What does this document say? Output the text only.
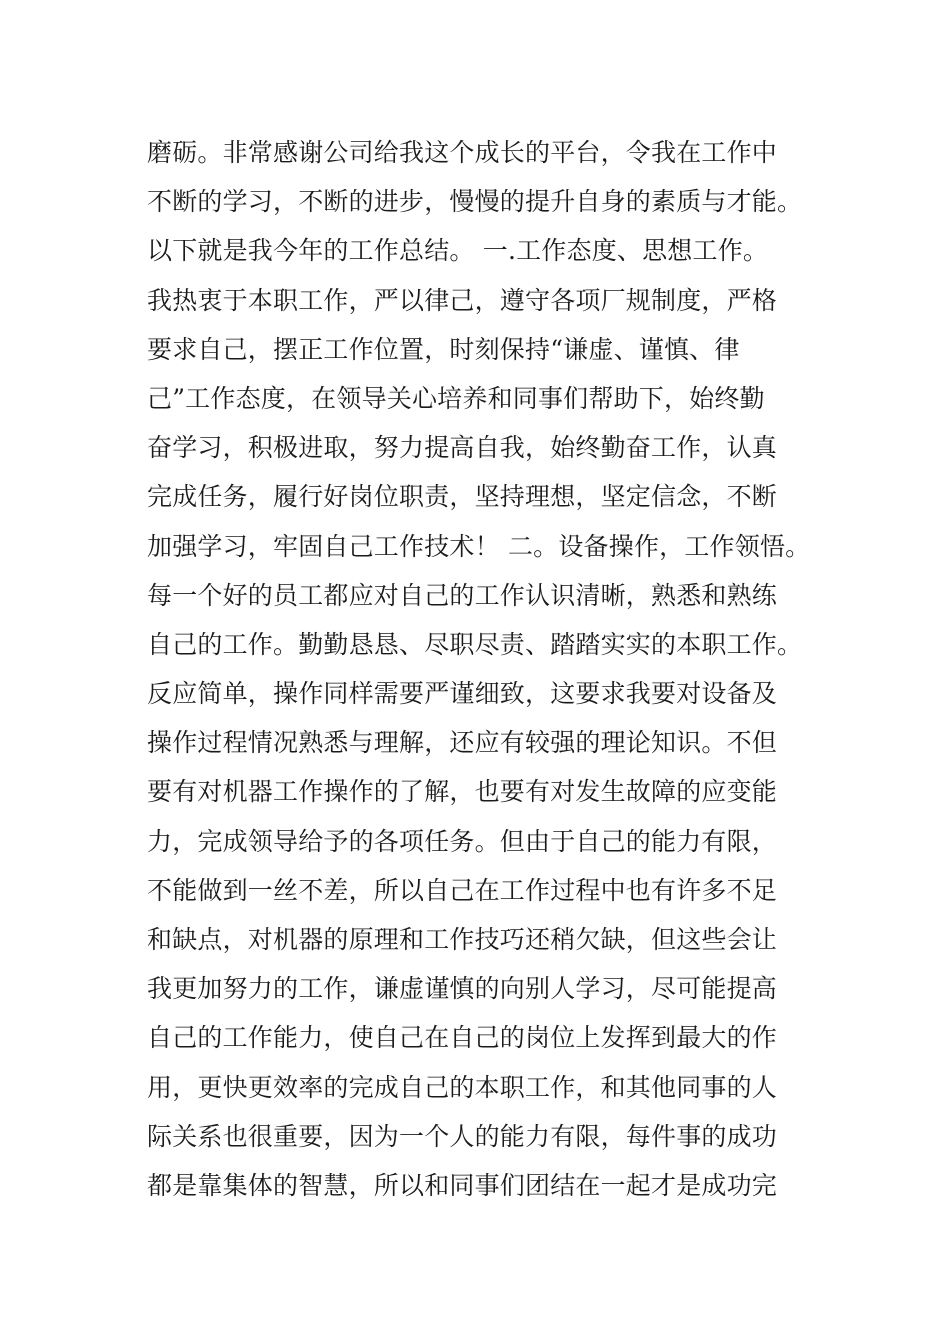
磨砺。非常感谢公司给我这个成长的平台，令我在工作中
不断的学习，不断的进步，慢慢的提升自身的素质与才能。
以下就是我今年的工作总结。 一.工作态度、思想工作。
我热衷于本职工作，严以律己，遵守各项厂规制度，严格
要求自己，摆正工作位置，时刻保持“谦虚、谨慎、律
己”工作态度，在领导关心培养和同事们帮助下，始终勤
奋学习，积极进取，努力提高自我，始终勤奋工作，认真
完成任务，履行好岗位职责，坚持理想，坚定信念，不断
加强学习，牢固自己工作技术！ 二。设备操作，工作领悟。
每一个好的员工都应对自己的工作认识清晰，熟悉和熟练
自己的工作。勤勤恳恳、尽职尽责、踏踏实实的本职工作。
反应简单，操作同样需要严谨细致，这要求我要对设备及
操作过程情况熟悉与理解，还应有较强的理论知识。不但
要有对机器工作操作的了解，也要有对发生故障的应变能
力，完成领导给予的各项任务。但由于自己的能力有限，
不能做到一丝不差，所以自己在工作过程中也有许多不足
和缺点，对机器的原理和工作技巧还稍欠缺，但这些会让
我更加努力的工作，谦虚谨慎的向别人学习，尽可能提高
自己的工作能力，使自己在自己的岗位上发挥到最大的作
用，更快更效率的完成自己的本职工作，和其他同事的人
际关系也很重要，因为一个人的能力有限，每件事的成功
都是靠集体的智慧，所以和同事们团结在一起才是成功完
